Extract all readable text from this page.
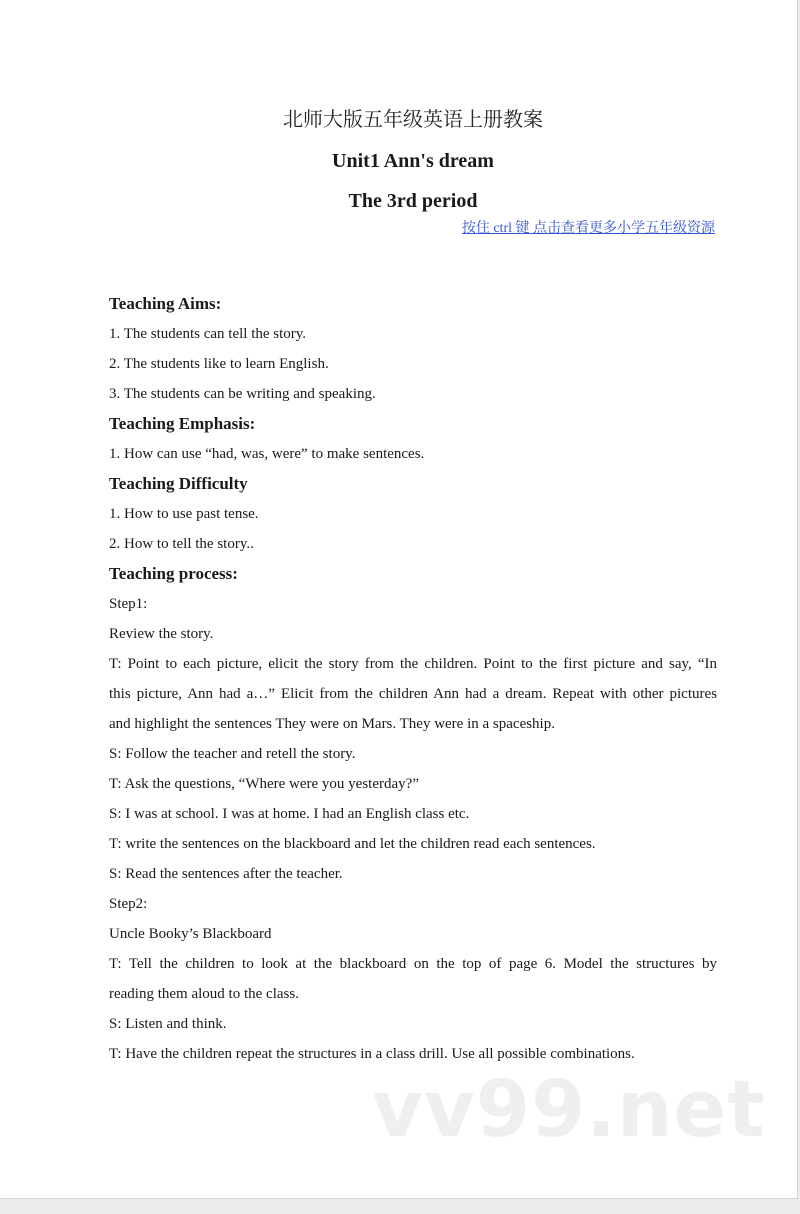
北师大版五年级英语上册教案
Unit1 Ann's dream
The 3rd period
按住 ctrl 键 点击查看更多小学五年级资源
Teaching Aims:

1. The students can tell the story.

2. The students like to learn English.

3. The students can be writing and speaking.

Teaching Emphasis:

1. How can use “had, was, were” to make sentences.

Teaching Difficulty

1. How to use past tense.

2. How to tell the story..

Teaching process:

Step1:

Review the story.

T: Point to each picture, elicit the story from the children. Point to the first picture and say, “In

this picture, Ann had a…” Elicit from the children Ann had a dream. Repeat with other pictures

and highlight the sentences They were on Mars. They were in a spaceship.

S: Follow the teacher and retell the story.

T: Ask the questions, “Where were you yesterday?”

S: I was at school. I was at home. I had an English class etc.

T: write the sentences on the blackboard and let the children read each sentences.

S: Read the sentences after the teacher.

Step2:

Uncle Booky’s Blackboard

T: Tell the children to look at the blackboard on the top of page 6. Model the structures by

reading them aloud to the class.

S: Listen and think.

T: Have the children repeat the structures in a class drill. Use all possible combinations.

vv99.net
